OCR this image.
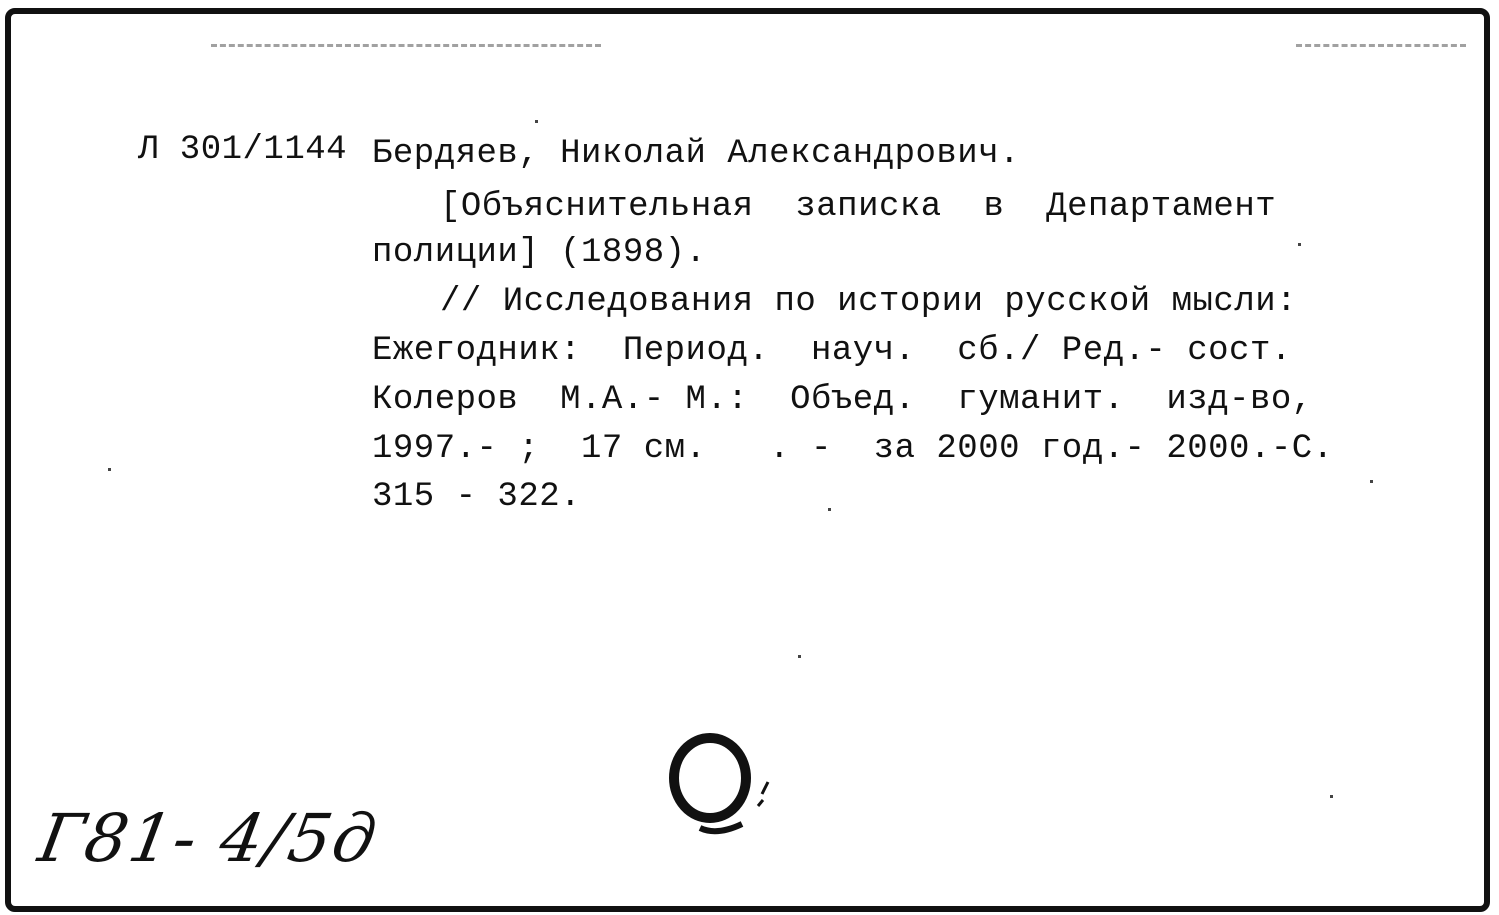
Л 301/1144 Бердяев, Николай Александрович.
[Объяснительная  записка  в  Департамент
полиции] (1898).
// Исследования по истории русской мысли:
Ежегодник:  Период.  науч.  сб./ Ред.- сост.
Колеров  М.А.- М.:  Объед.  гуманит.  изд-во,
1997.- ;  17 см.   . -  за 2000 год.- 2000.-С.
315 - 322.
Г81- 4/5д
